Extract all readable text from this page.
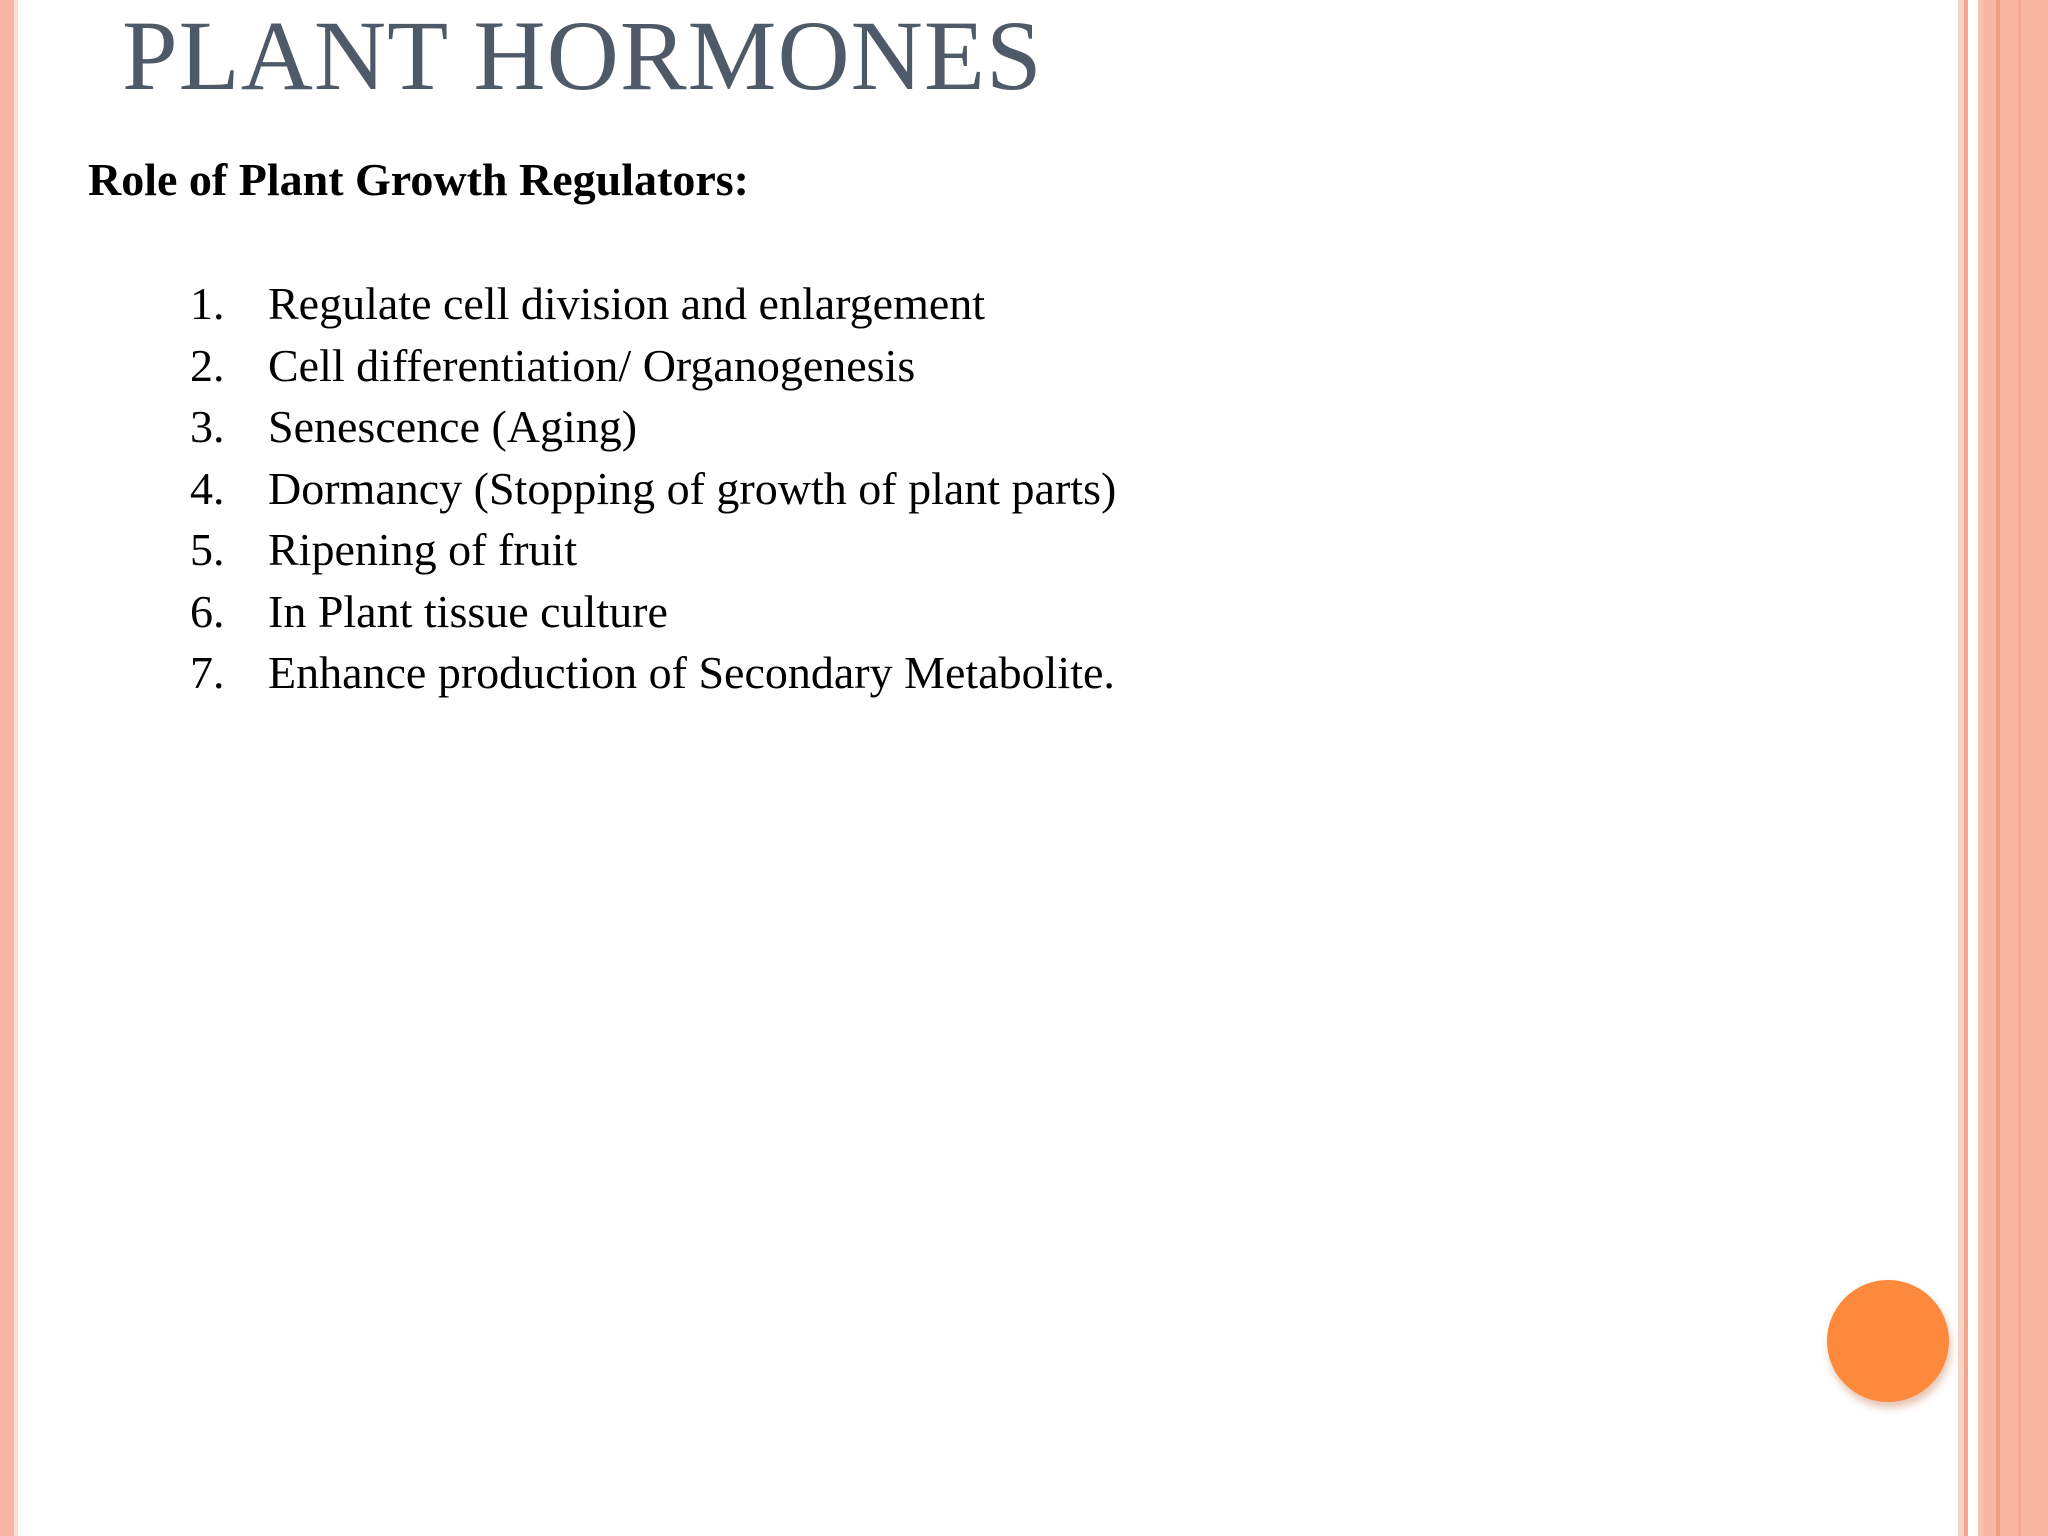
PLANT HORMONES
Role of Plant Growth Regulators:
1. Regulate cell division and enlargement
2. Cell differentiation/ Organogenesis
3. Senescence (Aging)
4. Dormancy (Stopping of growth of plant parts)
5. Ripening of fruit
6. In Plant tissue culture
7. Enhance production of Secondary Metabolite.
